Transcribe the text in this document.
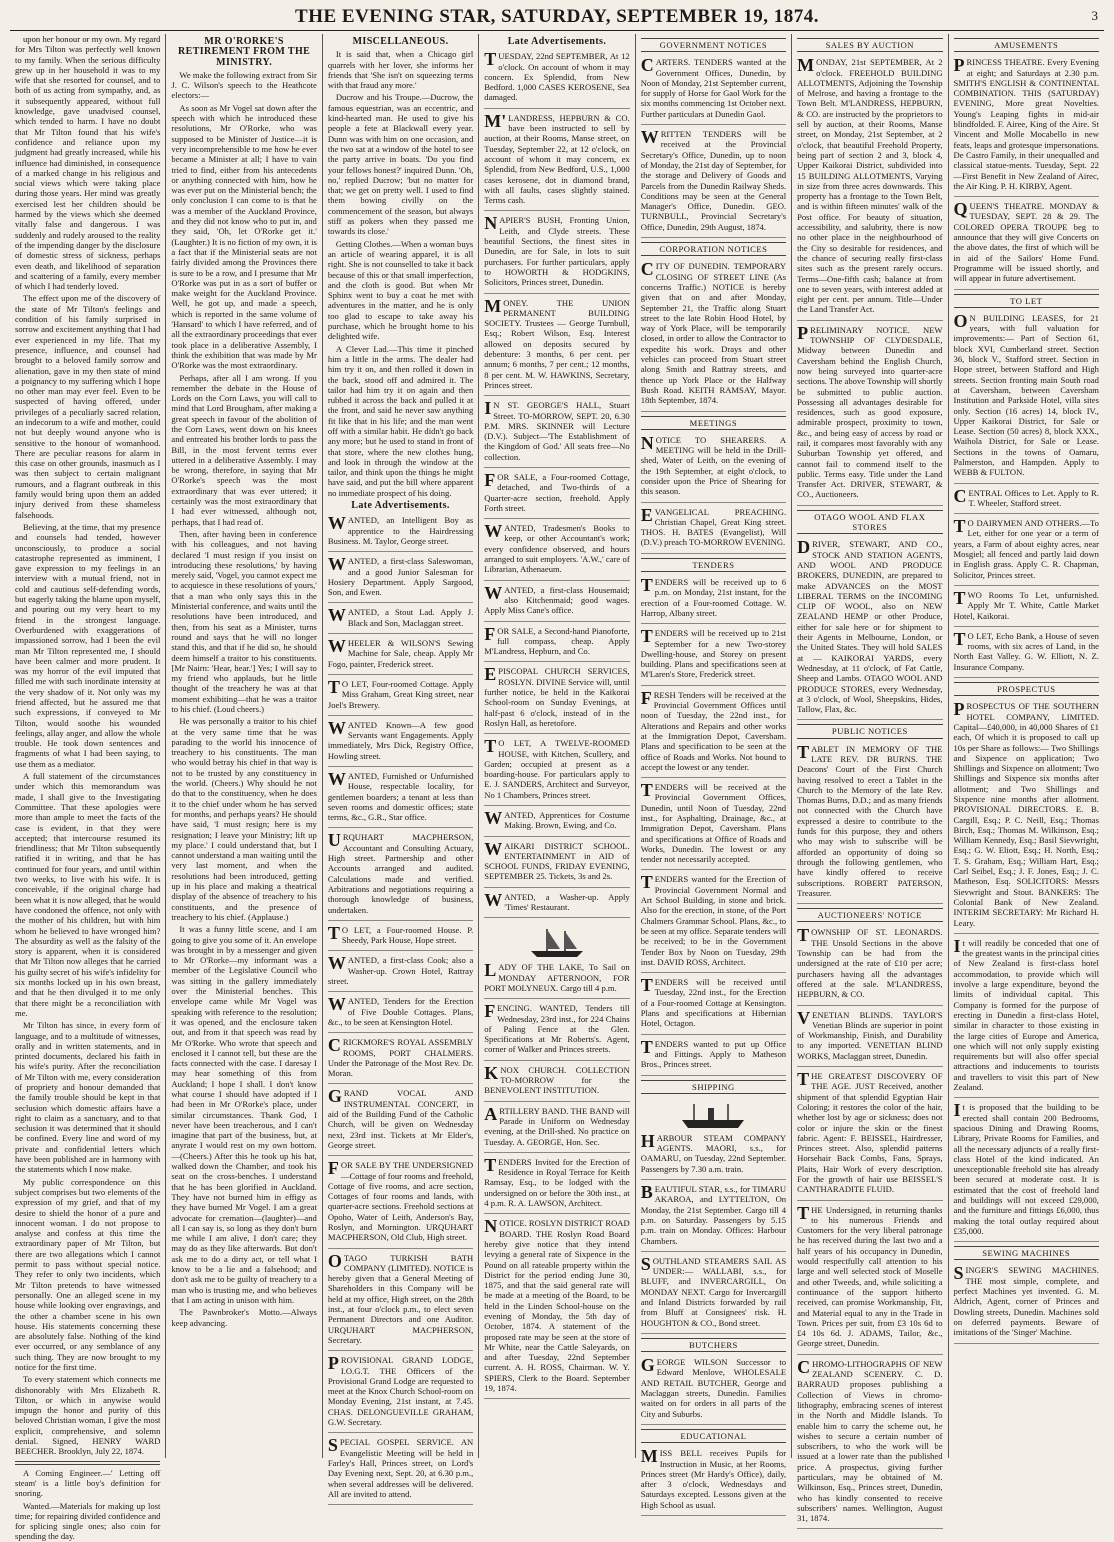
THE EVENING STAR, SATURDAY, SEPTEMBER 19, 1874.	3

upon her honour or my own. My regard for Mrs Tilton was perfectly well known to my family. When the serious difficulty grew up in her household it was to my wife that she resorted for counsel, and to both of us acting from sympathy, and, as it subsequently appeared, without full knowledge, gave unadvised counsel, which tended to harm. I have no doubt that Mr Tilton found that his wife's confidence and reliance upon my judgment had greatly increased, while his influence had diminished, in consequence of a marked change in his religious and social views which were taking place during those years. Her mind was greatly exercised lest her children should be harmed by the views which she deemed vitally false and dangerous. I was suddenly and rudely aroused to the reality of the impending danger by the disclosure of domestic stress of sickness, perhaps even death, and likelihood of separation and scattering of a family, every member of which I had tenderly loved.

The effect upon me of the discovery of the state of Mr Tilton's feelings and condition of his family surprised in sorrow and excitement anything that I had ever experienced in my life. That my presence, influence, and counsel had brought to a beloved family sorrow and alienation, gave in my then state of mind a poignancy to my suffering which I hope no other man may ever feel. Even to be suspected of having offered, under privileges of a peculiarly sacred relation, an indecorum to a wife and mother, could not but deeply wound anyone who is sensitive to the honour of womanhood. There are peculiar reasons for alarm in this case on other grounds, inasmuch as I was then subject to certain malignant rumours, and a flagrant outbreak in this family would bring upon them an added injury derived from these shameless falsehoods.

Believing, at the time, that my presence and counsels had tended, however unconsciously, to produce a social catastrophe represented as imminent, I gave expression to my feelings in an interview with a mutual friend, not in cold and cautious self-defending words, but eagerly taking the blame upon myself, and pouring out my very heart to my friend in the strongest language. Overburdened with exaggerations of impassioned sorrow, had I been the evil man Mr Tilton represented me, I should have been calmer and more prudent. It was my horror of the evil imputed that filled me with such inordinate intensity at the very shadow of it. Not only was my friend affected, but he assured me that such expressions, if conveyed to Mr Tilton, would soothe his wounded feelings, allay anger, and allow the whole trouble. He took down sentences and fragments of what I had been saying, to use them as a mediator.

A full statement of the circumstances under which this memorandum was made, I shall give to the Investigating Committee. That these apologies were more than ample to meet the facts of the case is evident, in that they were accepted; that intercourse resumed its friendliness; that Mr Tilton subsequently ratified it in writing, and that he has continued for four years, and until within two weeks, to live with his wife. It is conceivable, if the original charge had been what it is now alleged, that he would have condoned the offence, not only with the mother of his children, but with him whom he believed to have wronged him? The absurdity as well as the falsity of the story is apparent, when it is considered that Mr Tilton now alleges that he carried his guilty secret of his wife's infidelity for six months locked up in his own breast, and that he then divulged it to me only that there might be a reconciliation with me.

Mr Tilton has since, in every form of language, and to a multitude of witnesses, orally and in written statements, and in printed documents, declared his faith in his wife's purity. After the reconciliation of Mr Tilton with me, every consideration of propriety and honour demanded that the family trouble should be kept in that seclusion which domestic affairs have a right to claim as a sanctuary, and to that seclusion it was determined that it should be confined. Every line and word of my private and confidential letters which have been published are in harmony with the statements which I now make.

My public correspondence on this subject comprises but two elements of the expression of my grief, and that of my desire to shield the honor of a pure and innocent woman. I do not propose to analyse and confess at this time the extraordinary paper of Mr Tilton, but there are two allegations which I cannot permit to pass without special notice. They refer to only two incidents, which Mr Tilton pretends to have witnessed personally. One an alleged scene in my house while looking over engravings, and the other a chamber scene in his own house. His statements concerning these are absolutely false. Nothing of the kind ever occurred, or any semblance of any such thing. They are now brought to my notice for the first time.

To every statement which connects me dishonorably with Mrs Elizabeth R. Tilton, or which in anywise would impugn the honor and purity of this beloved Christian woman, I give the most explicit, comprehensive, and solemn denial. Signed, HENRY WARD BEECHER. Brooklyn, July 22, 1874.

A Coming Engineer.—' Letting off steam' is a little boy's definition for snoring.

Wanted.—Materials for making up lost time; for repairing divided confidence and for splicing single ones; also coin for spending the day.

MR O'RORKE'S RETIREMENT FROM THE MINISTRY.

We make the following extract from Sir J. C. Wilson's speech to the Heathcote electors:—

As soon as Mr Vogel sat down after the speech with which he introduced these resolutions, Mr O'Rorke, who was supposed to be Minister of Justice—it is very incomprehensible to me how he ever became a Minister at all; I have to vain tried to find, either from his antecedents or anything connected with him, how he was ever put on the Ministerial bench; the only conclusion I can come to is that he was a member of the Auckland Province, and they did not know who to put in, and they said, 'Oh, let O'Rorke get it.' (Laughter.) It is no fiction of my own, it is a fact that if the Ministerial seats are not fairly divided among the Provinces there is sure to be a row, and I presume that Mr O'Rorke was put in as a sort of buffer or make weight for the Auckland Province. Well, he got up, and made a speech, which is reported in the same volume of 'Hansard' to which I have referred, and of all the extraordinary proceedings that ever took place in a deliberative Assembly, I think the exhibition that was made by Mr O'Rorke was the most extraordinary.

Perhaps, after all I am wrong. If you remember the debate in the House of Lords on the Corn Laws, you will call to mind that Lord Brougham, after making a great speech in favour of the abolition of the Corn Laws, went down on his knees and entreated his brother lords to pass the Bill, in the most fervent terms ever uttered in a deliberative Assembly. I may be wrong, therefore, in saying that Mr O'Rorke's speech was the most extraordinary that was ever uttered; it certainly was the most extraordinary that I had ever witnessed, although not, perhaps, that I had read of.

Then, after having been in conference with his colleagues, and not having declared 'I must resign if you insist on introducing these resolutions,' by having merely said, 'Vogel, you cannot expect me to acquiesce in these resolutions of yours,' that a man who only says this in the Ministerial conference, and waits until the resolutions have been introduced, and then, from his seat as a Minister, turns round and says that he will no longer stand this, and that if he did so, he should deem himself a traitor to his constituents. [Mr Nairn: 'Hear, hear.'] Yes; I will say to my friend who applauds, but he little thought of the treachery he was at that moment exhibiting—that he was a traitor to his chief. (Loud cheers.)

He was personally a traitor to his chief at the very same time that he was parading to the world his innocence of treachery to his constituents. The man who would betray his chief in that way is not to be trusted by any constituency in the world. (Cheers.) Why should he not do that to the constituency, when he does it to the chief under whom he has served for months, and perhaps years? He should have said, 'I must resign; here is my resignation; I leave your Ministry; lift up my place.' I could understand that, but I cannot understand a man waiting until the very last moment, and when the resolutions had been introduced, getting up in his place and making a theatrical display of the absence of treachery to his constituents, and the presence of treachery to his chief. (Applause.)

It was a funny little scene, and I am going to give you some of it. An envelope was brought in by a messenger and given to Mr O'Rorke—my informant was a member of the Legislative Council who was sitting in the gallery immediately over the Ministerial benches. This envelope came while Mr Vogel was speaking with reference to the resolution; it was opened, and the enclosure taken out, and from it that speech was read by Mr O'Rorke. Who wrote that speech and enclosed it I cannot tell, but these are the facts connected with the case. I daresay I may hear something of this from Auckland; I hope I shall. I don't know what course I should have adopted if I had been in Mr O'Rorke's place, under similar circumstances. Thank God, I never have been treacherous, and I can't imagine that part of the business, but, at anyrate I would rest on my own bottom.—(Cheers.) After this he took up his hat, walked down the Chamber, and took his seat on the cross-benches. I understand that he has been glorified in Auckland. They have not burned him in effigy as they have burned Mr Vogel. I am a great advocate for cremation—(laughter)—and all I can say is, so long as they don't burn me while I am alive, I don't care; they may do as they like afterwards. But don't ask me to do a dirty act, or tell what I know to be a lie and a falsehood; and don't ask me to be guilty of treachery to a man who is trusting me, and who believes that I am acting in unison with him.

The Pawnbroker's Motto.—Always keep advancing.

MISCELLANEOUS.

It is said that, when a Chicago girl quarrels with her lover, she informs her friends that 'She isn't on squeezing terms with that fraud any more.'

Ducrow and his Troupe.—Ducrow, the famous equestrian, was an eccentric, and kind-hearted man. He used to give his people a fete at Blackwall every year. Dunn was with him on one occasion, and the two sat at a window of the hotel to see the party arrive in boats. 'Do you find your fellows honest?' inquired Dunn. 'Oh, no,' replied Ducrow; 'but no matter for that; we get on pretty well. I used to find them bowing civilly on the commencement of the season, but always stiff as pokers when they passed me towards its close.'

Getting Clothes.—When a woman buys an article of wearing apparel, it is all right. She is not counselled to take it back because of this or that small imperfection, and the cloth is good. But when Mr Sphinx went to buy a coat he met with adventures in the matter, and he is only too glad to escape to take away his purchase, which he brought home to his delighted wife.

A Clever Lad.—This time it pinched him a little in the arms. The dealer had him try it on, and then rolled it down in the back, stood off and admired it. The tailor had him try it on again and then rubbed it across the back and pulled it at the front, and said he never saw anything fit like that in his life; and the man went off with a similar habit. He didn't go back any more; but he used to stand in front of that store, where the new clothes hung, and look in through the window at the tailor, and think upon the things he might have said, and put the bill where apparent no immediate prospect of his doing.

Late Advertisements.

WANTED, an Intelligent Boy as apprentice to the Hairdressing Business. M. Taylor, George street.

WANTED, a first-class Saleswoman, and a good Junior Salesman for Hosiery Department. Apply Sargood, Son, and Ewen.

WANTED, a Stout Lad. Apply J. Black and Son, Maclaggan street.

WHEELER & WILSON'S Sewing Machine for Sale, cheap. Apply Mr Fogo, painter, Frederick street.

TO LET, Four-roomed Cottage. Apply Miss Graham, Great King street, near Joel's Brewery.

WANTED Known—A few good Servants want Engagements. Apply immediately, Mrs Dick, Registry Office, Howling street.

WANTED, Furnished or Unfurnished House, respectable locality, for gentlemen boarders; a tenant at less than seven rooms and domestic offices; state terms, &c., G.R., Star office.

URQUHART MACPHERSON, Accountant and Consulting Actuary, High street. Partnership and other Accounts arranged and audited. Calculations made and verified. Arbitrations and negotiations requiring a thorough knowledge of business, undertaken.

TO LET, a Four-roomed House. P. Sheedy, Park House, Hope street.

WANTED, a first-class Cook; also a Washer-up. Crown Hotel, Rattray street.

WANTED, Tenders for the Erection of Five Double Cottages. Plans, &c., to be seen at Kensington Hotel.

CRICKMORE'S ROYAL ASSEMBLY ROOMS, PORT CHALMERS. Under the Patronage of the Most Rev. Dr. Moran.

GRAND VOCAL AND INSTRUMENTAL CONCERT, in aid of the Building Fund of the Catholic Church, will be given on Wednesday next, 23rd inst. Tickets at Mr Elder's, George street.

FOR SALE BY THE UNDERSIGNED—Cottage of four rooms and freehold, Cottage of five rooms, and acre section, Cottages of four rooms and lands, with quarter-acre sections. Freehold sections at Opoho, Water of Leith, Anderson's Bay, Roslyn, and Mornington. URQUHART MACPHERSON, Old Club, High street.

OTAGO TURKISH BATH COMPANY (LIMITED). NOTICE is hereby given that a General Meeting of Shareholders in this Company will be held at my office, High street, on the 28th inst., at four o'clock p.m., to elect seven Permanent Directors and one Auditor. URQUHART MACPHERSON, Secretary.

PROVISIONAL GRAND LODGE, I.O.G.T. THE Officers of the Provisional Grand Lodge are requested to meet at the Knox Church School-room on Monday Evening, 21st instant, at 7.45. CHAS. DELONGUEVILLE GRAHAM, G.W. Secretary.

SPECIAL GOSPEL SERVICE. AN Evangelistic Meeting will be held in Farley's Hall, Princes street, on Lord's Day Evening next, Sept. 20, at 6.30 p.m., when several addresses will be delivered. All are invited to attend.

Late Advertisements.

TUESDAY, 22nd SEPTEMBER, At 12 o'clock. On account of whom it may concern. Ex Splendid, from New Bedford. 1,000 CASES KEROSENE, Sea damaged.

M'LANDRESS, HEPBURN & CO. have been instructed to sell by auction, at their Rooms, Manse street, on Tuesday, September 22, at 12 o'clock, on account of whom it may concern, ex Splendid, from New Bedford, U.S., 1,000 cases kerosene, dot in diamond brand, with all faults, cases slightly stained. Terms cash.

NAPIER'S BUSH, Fronting Union, Leith, and Clyde streets. These beautiful Sections, the finest sites in Dunedin, are for Sale, in lots to suit purchasers. For further particulars, apply to HOWORTH & HODGKINS, Solicitors, Princes street, Dunedin.

MONEY. THE UNION PERMANENT BUILDING SOCIETY. Trustees — George Turnbull, Esq.; Robert Wilson, Esq. Interest allowed on deposits secured by debenture: 3 months, 6 per cent. per annum; 6 months, 7 per cent.; 12 months, 8 per cent. M. W. HAWKINS, Secretary, Princes street.

IN ST. GEORGE'S HALL, Stuart Street. TO-MORROW, SEPT. 20, 6.30 P.M. MRS. SKINNER will Lecture (D.V.). Subject—'The Establishment of the Kingdom of God.' All seats free—No collection.

FOR SALE, a Four-roomed Cottage, detached, and Two-thirds of a Quarter-acre section, freehold. Apply Forth street.

WANTED, Tradesmen's Books to keep, or other Accountant's work; every confidence observed, and hours arranged to suit employers. 'A.W.,' care of Librarian, Athenaeum.

WANTED, a first-class Housemaid; also Kitchenmaid; good wages. Apply Miss Cane's office.

FOR SALE, a Second-hand Pianoforte, full compass, cheap. Apply M'Landress, Hepburn, and Co.

EPISCOPAL CHURCH SERVICES, ROSLYN. DIVINE Service will, until further notice, be held in the Kaikorai School-room on Sunday Evenings, at half-past 6 o'clock, instead of in the Roslyn Hall, as heretofore.

TO LET, A TWELVE-ROOMED HOUSE, with Kitchen, Scullery, and Garden; occupied at present as a boarding-house. For particulars apply to E. J. SANDERS, Architect and Surveyor, No 1 Chambers, Princes street.

WANTED, Apprentices for Costume Making. Brown, Ewing, and Co.

WAIKARI DISTRICT SCHOOL. ENTERTAINMENT in AID of SCHOOL FUNDS, FRIDAY EVENING, SEPTEMBER 25. Tickets, 3s and 2s.

WANTED, a Washer-up. Apply 'Times' Restaurant.

LADY OF THE LAKE, To Sail on MONDAY AFTERNOON, FOR PORT MOLYNEUX. Cargo till 4 p.m.

FENCING. WANTED, Tenders till Wednesday, 23rd inst., for 224 Chains of Paling Fence at the Glen. Specifications at Mr Roberts's. Agent, corner of Walker and Princes streets.

KNOX CHURCH. COLLECTION TO-MORROW for the BENEVOLENT INSTITUTION.

ARTILLERY BAND. THE BAND will Parade in Uniform on Wednesday evening, at the Drill-shed. No practice on Tuesday. A. GEORGE, Hon. Sec.

TENDERS Invited for the Erection of Residence in Royal Terrace for Keith Ramsay, Esq., to be lodged with the undersigned on or before the 30th inst., at 4 p.m. R. A. LAWSON, Architect.

NOTICE. ROSLYN DISTRICT ROAD BOARD. THE Roslyn Road Board hereby give notice that they intend levying a general rate of Sixpence in the Pound on all rateable property within the District for the period ending June 30, 1875, and that the said general rate will be made at a meeting of the Board, to be held in the Linden School-house on the evening of Monday, the 5th day of October, 1874. A statement of the proposed rate may be seen at the store of Mr White, near the Cattle Saleyards, on and after Tuesday, 22nd September current. A. H. ROSS, Chairman. W. Y. SPIERS, Clerk to the Board. September 19, 1874.

GOVERNMENT NOTICES

CARTERS. TENDERS wanted at the Government Offices, Dunedin, by Noon of Monday, 21st September current, for supply of Horse for Gaol Work for the six months commencing 1st October next. Further particulars at Dunedin Gaol.

WRITTEN TENDERS will be received at the Provincial Secretary's Office, Dunedin, up to noon of Monday, the 21st day of September, for the storage and Delivery of Goods and Parcels from the Dunedin Railway Sheds. Conditions may be seen at the General Manager's Office, Dunedin. GEO. TURNBULL, Provincial Secretary's Office, Dunedin, 29th August, 1874.

CORPORATION NOTICES

CITY OF DUNEDIN. TEMPORARY CLOSING OF STREET LINE (As concerns Traffic.) NOTICE is hereby given that on and after Monday, September 21, the Traffic along Stuart street to the late Robin Hood Hotel, by way of York Place, will be temporarily closed, in order to allow the Contractor to expedite his work. Drays and other vehicles can proceed from Stuart street along Smith and Rattray streets, and thence up York Place or the Halfway Bush Road. KEITH RAMSAY, Mayor. 18th September, 1874.

MEETINGS

NOTICE TO SHEARERS. A MEETING will be held in the Drill-shed, Water of Leith, on the evening of the 19th September, at eight o'clock, to consider upon the Price of Shearing for this season.

EVANGELICAL PREACHING. Christian Chapel, Great King street. THOS. H. BATES (Evangelist), Will (D.V.) preach TO-MORROW EVENING.

TENDERS

TENDERS will be received up to 6 p.m. on Monday, 21st instant, for the erection of a Four-roomed Cottage. W. Harrop, Albany street.

TENDERS will be received up to 21st September for a new Two-storey Dwelling-house, and Storey on present building. Plans and specifications seen at M'Laren's Store, Frederick street.

FRESH Tenders will be received at the Provincial Government Offices until noon of Tuesday, the 22nd inst., for Alterations and Repairs and other works at the Immigration Depot, Caversham. Plans and specification to be seen at the office of Roads and Works. Not bound to accept the lowest or any tender.

TENDERS will be received at the Provincial Government Offices, Dunedin, until Noon of Tuesday, 22nd inst., for Asphalting, Drainage, &c., at Immigration Depot, Caversham. Plans and specifications at Office of Roads and Works, Dunedin. The lowest or any tender not necessarily accepted.

TENDERS wanted for the Erection of Provincial Government Normal and Art School Building, in stone and brick. Also for the erection, in stone, of the Port Chalmers Grammar School. Plans, &c., to be seen at my office. Separate tenders will be received; to be in the Government Tender Box by Noon on Tuesday, 29th inst. DAVID ROSS, Architect.

TENDERS will be received until Tuesday, 22nd inst., for the Erection of a Four-roomed Cottage at Kensington. Plans and specifications at Hibernian Hotel, Octagon.

TENDERS wanted to put up Office and Fittings. Apply to Matheson Bros., Princes street.

SHIPPING

HARBOUR STEAM COMPANY AGENTS. MAORI, s.s., for OAMARU, on Tuesday, 22nd September. Passengers by 7.30 a.m. train.

BEAUTIFUL STAR, s.s., for TIMARU AKAROA, and LYTTELTON, On Monday, the 21st September. Cargo till 4 p.m. on Saturday. Passengers by 5.15 p.m. train on Monday. Offices: Harbour Chambers.

SOUTHLAND STEAMERS SAIL AS UNDER:— WALLABI, s.s., for BLUFF, and INVERCARGILL, On MONDAY NEXT. Cargo for Invercargill and Inland Districts forwarded by rail from Bluff at Consignees' risk. H. HOUGHTON & CO., Bond street.

BUTCHERS

GEORGE WILSON Successor to Edward Menlove, WHOLESALE AND RETAIL BUTCHER, George and Maclaggan streets, Dunedin. Families waited on for orders in all parts of the City and Suburbs.

EDUCATIONAL

MISS BELL receives Pupils for Instruction in Music, at her Rooms, Princes street (Mr Hardy's Office), daily, after 3 o'clock, Wednesdays and Saturdays excepted. Lessons given at the High School as usual.

SALES BY AUCTION

MONDAY, 21st SEPTEMBER, At 2 o'clock. FREEHOLD BUILDING ALLOTMENTS, Adjoining the Township of Melrose, and having a frontage to the Town Belt. M'LANDRESS, HEPBURN, & CO. are instructed by the proprietors to sell by auction, at their Rooms, Manse street, on Monday, 21st September, at 2 o'clock, that beautiful Freehold Property, being part of section 2 and 3, block 4, Upper Kaikorai District, subdivided into 15 BUILDING ALLOTMENTS, Varying in size from three acres downwards. This property has a frontage to the Town Belt, and is within fifteen minutes' walk of the Post office. For beauty of situation, accessibility, and salubrity, there is now no other place in the neighbourhood of the City so desirable for residences, and the chance of securing really first-class sites such as the present rarely occurs. Terms—One-fifth cash; balance at from one to seven years, with interest added at eight per cent. per annum. Title—Under the Land Transfer Act.

PRELIMINARY NOTICE. NEW TOWNSHIP OF CLYDESDALE, Midway between Dunedin and Caversham behind the English Church, now being surveyed into quarter-acre sections. The above Township will shortly be submitted to public auction. Possessing all advantages desirable for residences, such as good exposure, admirable prospect, proximity to town, &c., and being easy of access by road or rail, it compares most favorably with any Suburban Township yet offered, and cannot fail to commend itself to the public. Terms easy. Title under the Land Transfer Act. DRIVER, STEWART, & CO., Auctioneers.

OTAGO WOOL AND FLAX STORES

DRIVER, STEWART, AND CO., STOCK AND STATION AGENTS, AND WOOL AND PRODUCE BROKERS, DUNEDIN, are prepared to make ADVANCES on the MOST LIBERAL TERMS on the INCOMING CLIP OF WOOL, also on NEW ZEALAND HEMP or other Produce, either for sale here or for shipment to their Agents in Melbourne, London, or the United States. They will hold SALES at — KAIKORAI YARDS, every Wednesday, at 11 o'clock, of Fat Cattle, Sheep and Lambs. OTAGO WOOL AND PRODUCE STORES, every Wednesday, at 3 o'clock, of Wool, Sheepskins, Hides, Tallow, Flax, &c.

PUBLIC NOTICES

TABLET IN MEMORY OF THE LATE REV. DR BURNS. THE Deacons' Court of the First Church having resolved to erect a Tablet in the Church to the Memory of the late Rev. Thomas Burns, D.D.; and as many friends not connected with the Church have expressed a desire to contribute to the funds for this purpose, they and others who may wish to subscribe will be afforded an opportunity of doing so through the following gentlemen, who have kindly offered to receive subscriptions. ROBERT PATERSON, Treasurer.

AUCTIONEERS' NOTICE

TOWNSHIP OF ST. LEONARDS. THE Unsold Sections in the above Township can be had from the undersigned at the rate of £10 per acre; purchasers having all the advantages offered at the sale. M'LANDRESS, HEPBURN, & CO.

VENETIAN BLINDS. TAYLOR'S Venetian Blinds are superior in point of Workmanship, Finish, and Durability to any imported. VENETIAN BLIND WORKS, Maclaggan street, Dunedin.

THE GREATEST DISCOVERY OF THE AGE. JUST Received, another shipment of that splendid Egyptian Hair Coloring; it restores the color of the hair, whether lost by age or sickness; does not color or injure the skin or the finest fabric. Agent: F. BEISSEL, Hairdresser, Princes street. Also, splendid patterns Horsehair Back Combs, Fans, Sprays, Plaits, Hair Work of every description. For the growth of hair use BEISSEL'S CANTHARADITE FLUID.

THE Undersigned, in returning thanks to his numerous Friends and Customers for the very liberal patronage he has received during the last two and a half years of his occupancy in Dunedin, would respectfully call attention to his large and well selected stock of Moselle and other Tweeds, and, while soliciting a continuance of the support hitherto received, can promise Workmanship, Fit, and Material equal to any in the Trade in Town. Prices per suit, from £3 10s 6d to £4 10s 6d. J. ADAMS, Tailor, &c., George street, Dunedin.

CHROMO-LITHOGRAPHS OF NEW ZEALAND SCENERY. C. D. BARRAUD proposes publishing a Collection of Views in chromo-lithography, embracing scenes of interest in the North and Middle Islands. To enable him to carry the scheme out, he wishes to secure a certain number of subscribers, to who the work will be issued at a lower rate than the published price. A prospectus, giving further particulars, may be obtained of M. Wilkinson, Esq., Princes street, Dunedin, who has kindly consented to receive subscribers' names. Wellington, August 31, 1874.

AMUSEMENTS

PRINCESS THEATRE. Every Evening at eight; and Saturdays at 2.30 p.m. SMITH'S ENGLISH & CONTINENTAL COMBINATION. THIS (SATURDAY) EVENING, More great Novelties. Young's Leaping fights in mid-air blindfolded. F. Airee, King of the Aire. St Vincent and Molle Mocabello in new feats, leaps and grotesque impersonations. De Castro Family, in their unequalled and classical statue-ments. Tuesday, Sept. 22—First Benefit in New Zealand of Airec, the Air King. P. H. KIRBY, Agent.

QUEEN'S THEATRE. MONDAY & TUESDAY, SEPT. 28 & 29. The COLORED OPERA TROUPE beg to announce that they will give Concerts on the above dates, the first of which will be in aid of the Sailors' Home Fund. Programme will be issued shortly, and will appear in future advertisement.

TO LET

ON BUILDING LEASES, for 21 years, with full valuation for improvements:— Part of Section 61, block XVI, Cumberland street. Section 36, block V., Stafford street. Section in Hope street, between Stafford and High streets. Section fronting main South road at Caversham, between Caversham Institution and Parkside Hotel, villa sites only. Section (16 acres) 14, block IV., Upper Kaikorai District, for Sale or Lease. Section (50 acres) 8, block XXX., Waihola District, for Sale or Lease. Sections in the towns of Oamaru, Palmerston, and Hampden. Apply to WEBB & FULTON.

CENTRAL Offices to Let. Apply to R. T. Wheeler, Stafford street.

TO DAIRYMEN AND OTHERS.—To Let, either for one year or a term of years, a Farm of about eighty acres, near Mosgiel; all fenced and partly laid down in English grass. Apply C. R. Chapman, Solicitor, Princes street.

TWO Rooms To Let, unfurnished. Apply Mr T. White, Cattle Market Hotel, Kaikorai.

TO LET, Echo Bank, a House of seven rooms, with six acres of Land, in the North East Valley. G. W. Elliott, N. Z. Insurance Company.

PROSPECTUS

PROSPECTUS OF THE SOUTHERN HOTEL COMPANY, LIMITED. Capital—£40,000, in 40,000 Shares of £1 each, Of which it is proposed to call up 10s per Share as follows:— Two Shillings and Sixpence on application; Two Shillings and Sixpence on allotment; Two Shillings and Sixpence six months after allotment; and Two Shillings and Sixpence nine months after allotment. PROVISIONAL DIRECTORS. E. B. Cargill, Esq.; P. C. Neill, Esq.; Thomas Birch, Esq.; Thomas M. Wilkinson, Esq.; William Kennedy, Esq.; Basil Sievwright, Esq.; G. W. Eliott, Esq.; H. North, Esq.; T. S. Graham, Esq.; William Hart, Esq.; Carl Seibel, Esq.; J. F. Jones, Esq.; J. C. Matheson, Esq. SOLICITORS: Messrs Sievwright and Stout. BANKERS: The Colonial Bank of New Zealand. INTERIM SECRETARY: Mr Richard H. Leary.

It will readily be conceded that one of the greatest wants in the principal cities of New Zealand is first-class hotel accommodation, to provide which will involve a large expenditure, beyond the limits of individual capital. This Company is formed for the purpose of erecting in Dunedin a first-class Hotel, similar in character to those existing in the large cities of Europe and America, one which will not only supply existing requirements but will also offer special attractions and inducements to tourists and travellers to visit this part of New Zealand.

It is proposed that the building to be erected shall contain 200 Bedrooms, spacious Dining and Drawing Rooms, Library, Private Rooms for Families, and all the necessary adjuncts of a really first-class Hotel of the kind indicated. An unexceptionable freehold site has already been secured at moderate cost. It is estimated that the cost of freehold land and buildings will not exceed £29,000, and the furniture and fittings £6,000, thus making the total outlay required about £35,000.

SEWING MACHINES

SINGER'S SEWING MACHINES. THE most simple, complete, and perfect Machines yet invented. G. M. Aldrich, Agent, corner of Princes and Dowling streets, Dunedin. Machines sold on deferred payments. Beware of imitations of the 'Singer' Machine.
